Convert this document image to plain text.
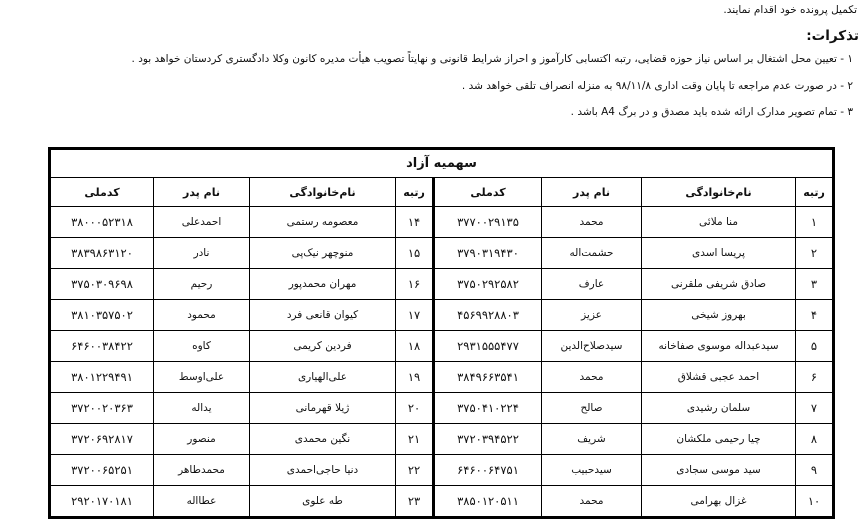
تکمیل پرونده خود اقدام نمایند.
تذکرات:
۱ - تعیین محل اشتغال بر اساس نیاز حوزه قضایی، رتبه اکتسابی کارآموز و احراز شرایط قانونی و نهایتاً تصویب هیأت مدیره کانون وکلا دادگستری کردستان خواهد بود .
۲ - در صورت عدم مراجعه تا پایان وقت اداری ۹۸/۱۱/۸ به منزله انصراف تلقی خواهد شد .
۳ - تمام تصویر مدارک ارائه شده باید مصدق و در برگ A4 باشد .
سهمیه آزاد							
رتبه	نام‌خانوادگی	نام پدر	کدملی	رتبه	نام‌خانوادگی	نام پدر	کدملی
۱	منا ملائی	محمد	۳۷۷۰۰۲۹۱۳۵	۱۴	معصومه رستمی	احمدعلی	۳۸۰۰۰۵۲۳۱۸
۲	پریسا اسدی	حشمت‌اله	۳۷۹۰۳۱۹۴۳۰	۱۵	منوچهر نیک‌پی	نادر	۳۸۳۹۸۶۳۱۲۰
۳	صادق شریفی ملقرنی	عارف	۳۷۵۰۲۹۲۵۸۲	۱۶	مهران محمدپور	رحیم	۳۷۵۰۳۰۹۶۹۸
۴	بهروز شیخی	عزیز	۴۵۶۹۹۲۸۸۰۳	۱۷	کیوان قانعی فرد	محمود	۳۸۱۰۳۵۷۵۰۲
۵	سیدعبداله موسوی صفاخانه	سیدصلاح‌الدین	۲۹۳۱۵۵۵۴۷۷	۱۸	فردین کریمی	کاوه	۶۴۶۰۰۳۸۴۲۲
۶	احمد عجبی قشلاق	محمد	۳۸۴۹۶۶۳۵۴۱	۱۹	علی‌الهیاری	علی‌اوسط	۳۸۰۱۲۲۹۴۹۱
۷	سلمان رشیدی	صالح	۳۷۵۰۴۱۰۲۲۴	۲۰	ژیلا قهرمانی	یداله	۳۷۲۰۰۲۰۳۶۳
۸	چیا رحیمی ملکشان	شریف	۳۷۲۰۳۹۴۵۲۲	۲۱	نگین محمدی	منصور	۳۷۲۰۶۹۲۸۱۷
۹	سید موسی سجادی	سیدحبیب	۶۴۶۰۰۶۴۷۵۱	۲۲	دنیا حاجی‌احمدی	محمدطاهر	۳۷۲۰۰۶۵۲۵۱
۱۰	غزال بهرامی	محمد	۳۸۵۰۱۲۰۵۱۱	۲۳	طه علوی	عطااله	۲۹۲۰۱۷۰۱۸۱
